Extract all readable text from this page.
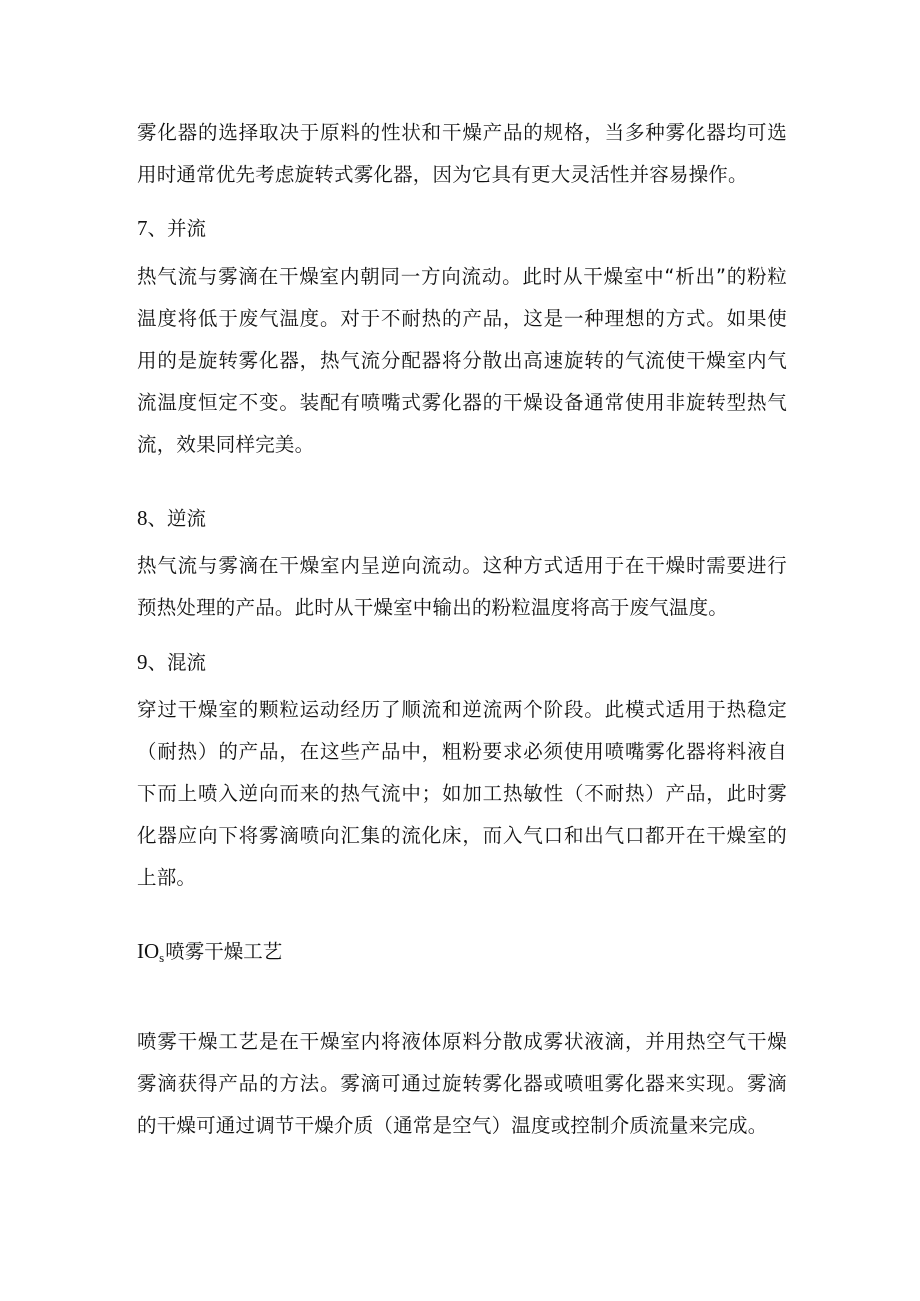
雾化器的选择取决于原料的性状和干燥产品的规格，当多种雾化器均可选用时通常优先考虑旋转式雾化器，因为它具有更大灵活性并容易操作。

7、并流

热气流与雾滴在干燥室内朝同一方向流动。此时从干燥室中“析出”的粉粒温度将低于废气温度。对于不耐热的产品，这是一种理想的方式。如果使用的是旋转雾化器，热气流分配器将分散出高速旋转的气流使干燥室内气流温度恒定不变。装配有喷嘴式雾化器的干燥设备通常使用非旋转型热气流，效果同样完美。

8、逆流

热气流与雾滴在干燥室内呈逆向流动。这种方式适用于在干燥时需要进行预热处理的产品。此时从干燥室中输出的粉粒温度将高于废气温度。

9、混流

穿过干燥室的颗粒运动经历了顺流和逆流两个阶段。此模式适用于热稳定（耐热）的产品，在这些产品中，粗粉要求必须使用喷嘴雾化器将料液自下而上喷入逆向而来的热气流中；如加工热敏性（不耐热）产品，此时雾化器应向下将雾滴喷向汇集的流化床，而入气口和出气口都开在干燥室的上部。

$IO_s$喷雾干燥工艺

喷雾干燥工艺是在干燥室内将液体原料分散成雾状液滴，并用热空气干燥雾滴获得产品的方法。雾滴可通过旋转雾化器或喷咀雾化器来实现。雾滴的干燥可通过调节干燥介质（通常是空气）温度或控制介质流量来完成。
